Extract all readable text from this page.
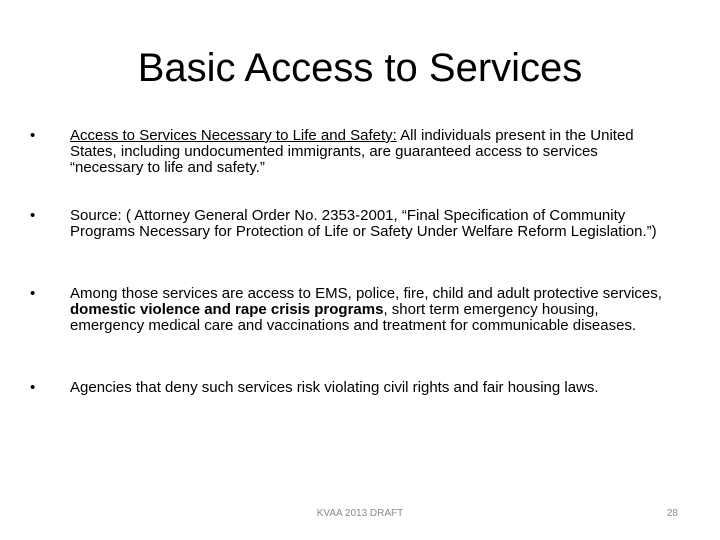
Basic Access to Services
• Access to Services Necessary to Life and Safety: All individuals present in the United States, including undocumented immigrants, are guaranteed access to services “necessary to life and safety.”
• Source: ( Attorney General Order No. 2353-2001, “Final Specification of Community Programs Necessary for Protection of Life or Safety Under Welfare Reform Legislation.”)
• Among those services are access to EMS, police, fire, child and adult protective services, domestic violence and rape crisis programs, short term emergency housing, emergency medical care and vaccinations and treatment for communicable diseases.
• Agencies that deny such services risk violating civil rights and fair housing laws.
KVAA 2013 DRAFT	28
